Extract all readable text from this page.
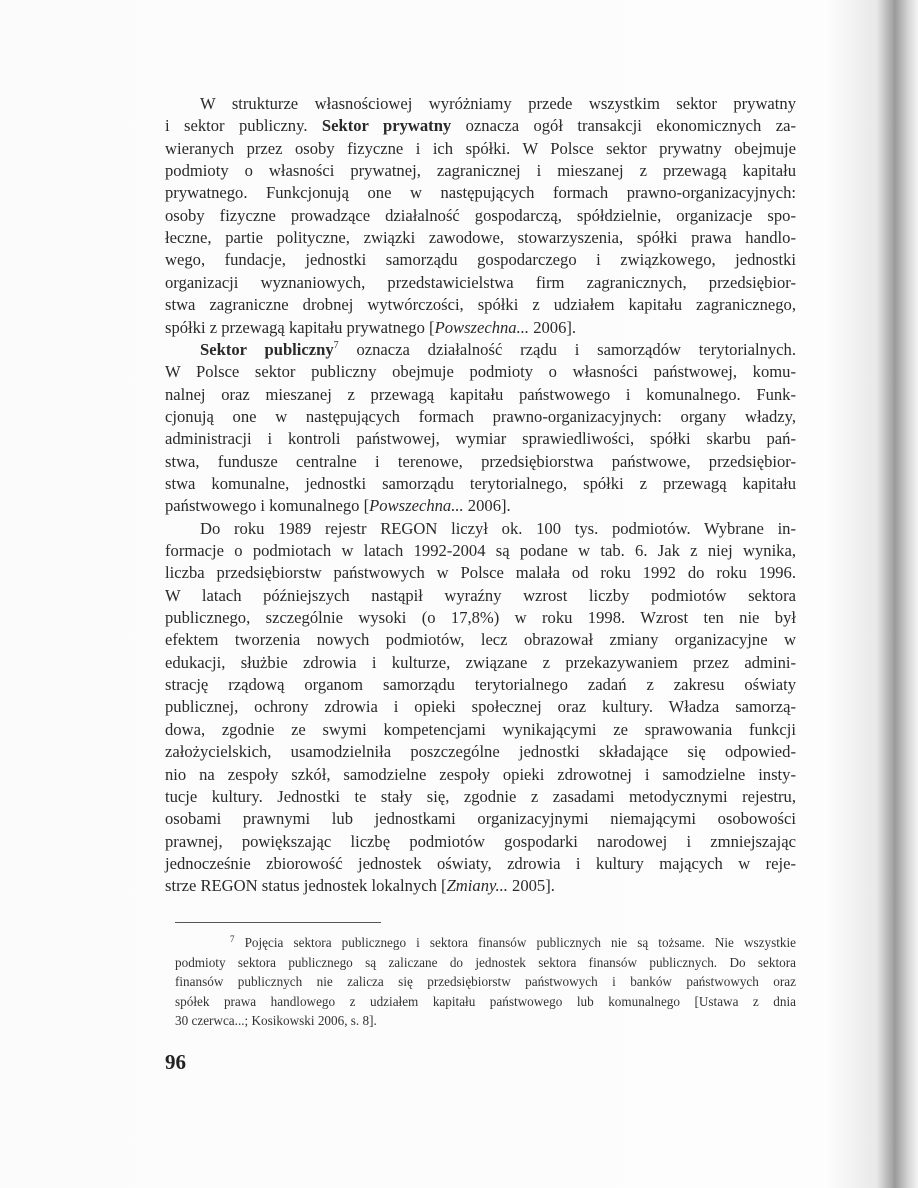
W strukturze własnościowej wyróżniamy przede wszystkim sektor prywatny
i sektor publiczny. Sektor prywatny oznacza ogół transakcji ekonomicznych za-
wieranych przez osoby fizyczne i ich spółki. W Polsce sektor prywatny obejmuje
podmioty o własności prywatnej, zagranicznej i mieszanej z przewagą kapitału
prywatnego. Funkcjonują one w następujących formach prawno-organizacyjnych:
osoby fizyczne prowadzące działalność gospodarczą, spółdzielnie, organizacje spo-
łeczne, partie polityczne, związki zawodowe, stowarzyszenia, spółki prawa handlo-
wego, fundacje, jednostki samorządu gospodarczego i związkowego, jednostki
organizacji wyznaniowych, przedstawicielstwa firm zagranicznych, przedsiębior-
stwa zagraniczne drobnej wytwórczości, spółki z udziałem kapitału zagranicznego,
spółki z przewagą kapitału prywatnego [Powszechna... 2006].
Sektor publiczny$^7$ oznacza działalność rządu i samorządów terytorialnych.
W Polsce sektor publiczny obejmuje podmioty o własności państwowej, komu-
nalnej oraz mieszanej z przewagą kapitału państwowego i komunalnego. Funk-
cjonują one w następujących formach prawno-organizacyjnych: organy władzy,
administracji i kontroli państwowej, wymiar sprawiedliwości, spółki skarbu pań-
stwa, fundusze centralne i terenowe, przedsiębiorstwa państwowe, przedsiębior-
stwa komunalne, jednostki samorządu terytorialnego, spółki z przewagą kapitału
państwowego i komunalnego [Powszechna... 2006].
Do roku 1989 rejestr REGON liczył ok. 100 tys. podmiotów. Wybrane in-
formacje o podmiotach w latach 1992-2004 są podane w tab. 6. Jak z niej wynika,
liczba przedsiębiorstw państwowych w Polsce malała od roku 1992 do roku 1996.
W latach późniejszych nastąpił wyraźny wzrost liczby podmiotów sektora
publicznego, szczególnie wysoki (o 17,8%) w roku 1998. Wzrost ten nie był
efektem tworzenia nowych podmiotów, lecz obrazował zmiany organizacyjne w
edukacji, służbie zdrowia i kulturze, związane z przekazywaniem przez admini-
strację rządową organom samorządu terytorialnego zadań z zakresu oświaty
publicznej, ochrony zdrowia i opieki społecznej oraz kultury. Władza samorzą-
dowa, zgodnie ze swymi kompetencjami wynikającymi ze sprawowania funkcji
założycielskich, usamodzielniła poszczególne jednostki składające się odpowied-
nio na zespoły szkół, samodzielne zespoły opieki zdrowotnej i samodzielne insty-
tucje kultury. Jednostki te stały się, zgodnie z zasadami metodycznymi rejestru,
osobami prawnymi lub jednostkami organizacyjnymi niemającymi osobowości
prawnej, powiększając liczbę podmiotów gospodarki narodowej i zmniejszając
jednocześnie zbiorowość jednostek oświaty, zdrowia i kultury mających w reje-
strze REGON status jednostek lokalnych [Zmiany... 2005].
$^7$ Pojęcia sektora publicznego i sektora finansów publicznych nie są tożsame. Nie wszystkie
podmioty sektora publicznego są zaliczane do jednostek sektora finansów publicznych. Do sektora
finansów publicznych nie zalicza się przedsiębiorstw państwowych i banków państwowych oraz
spółek prawa handlowego z udziałem kapitału państwowego lub komunalnego [Ustawa z dnia
30 czerwca...; Kosikowski 2006, s. 8].
96
